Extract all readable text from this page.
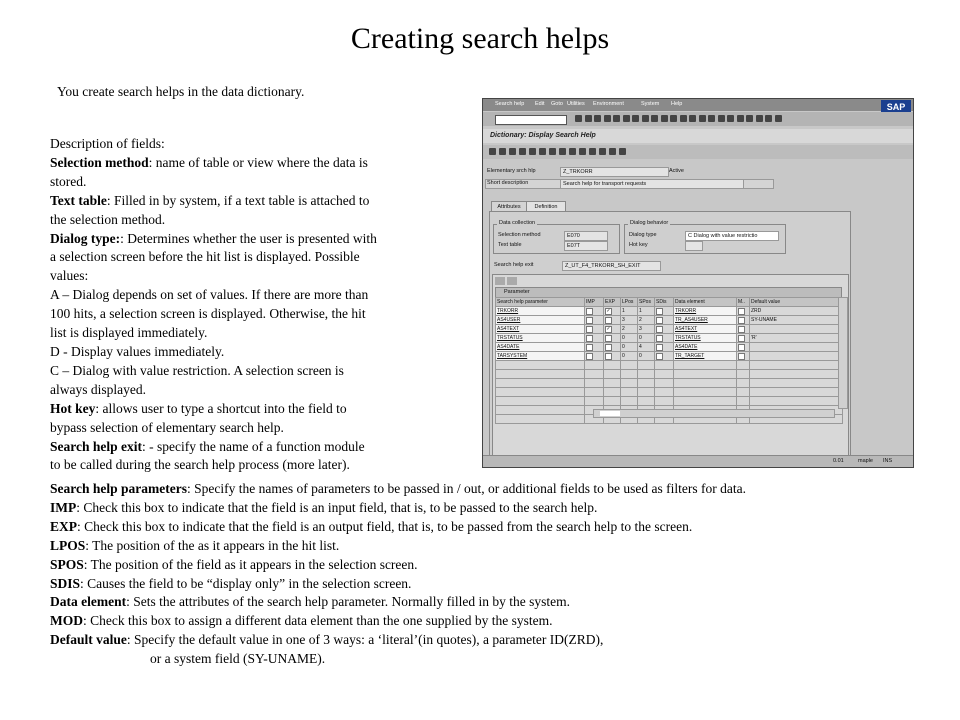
Creating search helps
You create search helps in the data dictionary.
Description of fields:
Selection method: name of table or view where the data is
stored.
Text table: Filled in by system, if a text table is attached to
the selection method.
Dialog type:: Determines whether the user is presented with
a selection screen before the hit list is displayed. Possible
values:
A – Dialog depends on set of values. If there are more than
100 hits, a selection screen is displayed. Otherwise, the hit
list is displayed immediately.
D - Display values immediately.
C – Dialog with value restriction. A selection screen is
always displayed.
Hot key: allows user to type a shortcut into the field to
bypass selection of elementary search help.
Search help exit: - specify the name of a function module
to be called during the search help process (more later).
Search help Edit Goto Utilities Environment	System Help	SAP
Dictionary: Display Search Help
Elementary srch hlp	Z_TRKORR	Active
Short description	Search help for transport requests
Attributes	Definition
Data collection
Selection method	E070
Text table	E07T
Dialog behavior
Dialog type	C Dialog with value restrictio
Hot key
Search help exit	Z_UT_F4_TRKORR_SH_EXIT
Parameter
Search help parameter	IMP	EXP	LPos	SPos	SDis	Data element	M..	Default value
TRKORR		✓	1	1		TRKORR		ZRD
AS4USER			3	2		TR_AS4USER		SY-UNAME
AS4TEXT		✓	2	3		AS4TEXT		
TRSTATUS			0	0		TRSTATUS		'R'
AS4DATE			0	4		AS4DATE		
TARSYSTEM			0	0		TR_TARGET		

0.01	maple INS
Search help parameters: Specify the names of parameters to be passed in / out, or additional fields to be used as filters for data.
IMP: Check this box to indicate that the field is an input field, that is, to be passed to the search help.
EXP: Check this box to indicate that the field is an output field, that is, to be passed from the search help to the screen.
LPOS: The position of the as it appears in the hit list.
SPOS: The position of the field as it appears in the selection screen.
SDIS: Causes the field to be “display only” in the selection screen.
Data element: Sets the attributes of the search help parameter. Normally filled in by the system.
MOD: Check this box to assign a different data element than the one supplied by the system.
Default value: Specify the default value in one of 3 ways: a ‘literal’(in quotes), a parameter ID(ZRD),
or a system field (SY-UNAME).
